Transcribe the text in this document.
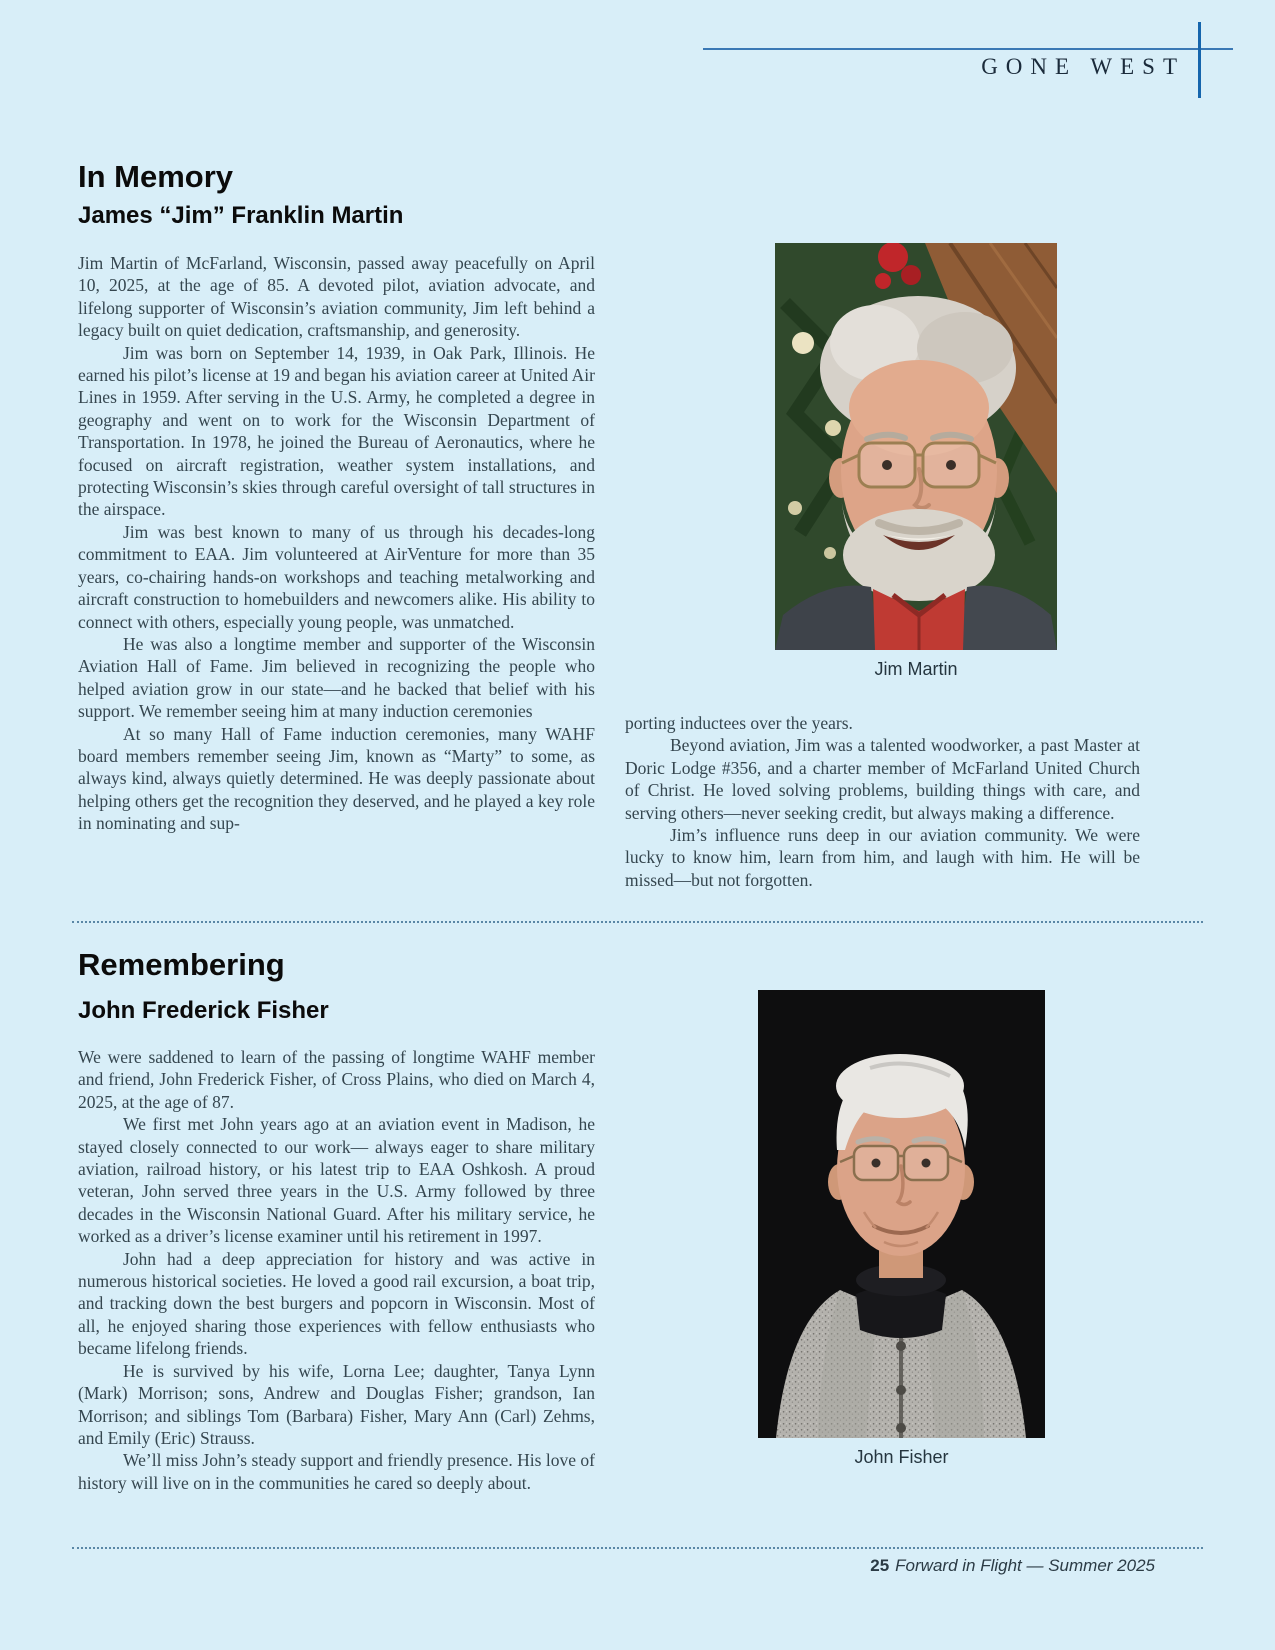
GONE WEST
In Memory
James “Jim” Franklin Martin

Jim Martin of McFarland, Wisconsin, passed away peacefully on April 10, 2025, at the age of 85. A devoted pilot, aviation advocate, and lifelong supporter of Wisconsin’s aviation community, Jim left behind a legacy built on quiet dedication, craftsmanship, and generosity.

Jim was born on September 14, 1939, in Oak Park, Illinois. He earned his pilot’s license at 19 and began his aviation career at United Air Lines in 1959. After serving in the U.S. Army, he completed a degree in geography and went on to work for the Wisconsin Department of Transportation. In 1978, he joined the Bureau of Aeronautics, where he focused on aircraft registration, weather system installations, and protecting Wisconsin’s skies through careful oversight of tall structures in the airspace.

Jim was best known to many of us through his decades-long commitment to EAA. Jim volunteered at AirVenture for more than 35 years, co-chairing hands-on workshops and teaching metalworking and aircraft construction to homebuilders and newcomers alike. His ability to connect with others, especially young people, was unmatched.

He was also a longtime member and supporter of the Wisconsin Aviation Hall of Fame. Jim believed in recognizing the people who helped aviation grow in our state—and he backed that belief with his support. We remember seeing him at many induction ceremonies

At so many Hall of Fame induction ceremonies, many WAHF board members remember seeing Jim, known as “Marty” to some, as always kind, always quietly determined. He was deeply passionate about helping others get the recognition they deserved, and he played a key role in nominating and sup-

Jim Martin

porting inductees over the years.

Beyond aviation, Jim was a talented woodworker, a past Master at Doric Lodge #356, and a charter member of McFarland United Church of Christ. He loved solving problems, building things with care, and serving others—never seeking credit, but always making a difference.

Jim’s influence runs deep in our aviation community. We were lucky to know him, learn from him, and laugh with him. He will be missed—but not forgotten.

Remembering
John Frederick Fisher

We were saddened to learn of the passing of longtime WAHF member and friend, John Frederick Fisher, of Cross Plains, who died on March 4, 2025, at the age of 87.

We first met John years ago at an aviation event in Madison, he stayed closely connected to our work— always eager to share military aviation, railroad history, or his latest trip to EAA Oshkosh. A proud veteran, John served three years in the U.S. Army followed by three decades in the Wisconsin National Guard. After his military service, he worked as a driver’s license examiner until his retirement in 1997.

John had a deep appreciation for history and was active in numerous historical societies. He loved a good rail excursion, a boat trip, and tracking down the best burgers and popcorn in Wisconsin. Most of all, he enjoyed sharing those experiences with fellow enthusiasts who became lifelong friends.

He is survived by his wife, Lorna Lee; daughter, Tanya Lynn (Mark) Morrison; sons, Andrew and Douglas Fisher; grandson, Ian Morrison; and siblings Tom (Barbara) Fisher, Mary Ann (Carl) Zehms, and Emily (Eric) Strauss.

We’ll miss John’s steady support and friendly presence. His love of history will live on in the communities he cared so deeply about.

John Fisher
25 Forward in Flight — Summer 2025
